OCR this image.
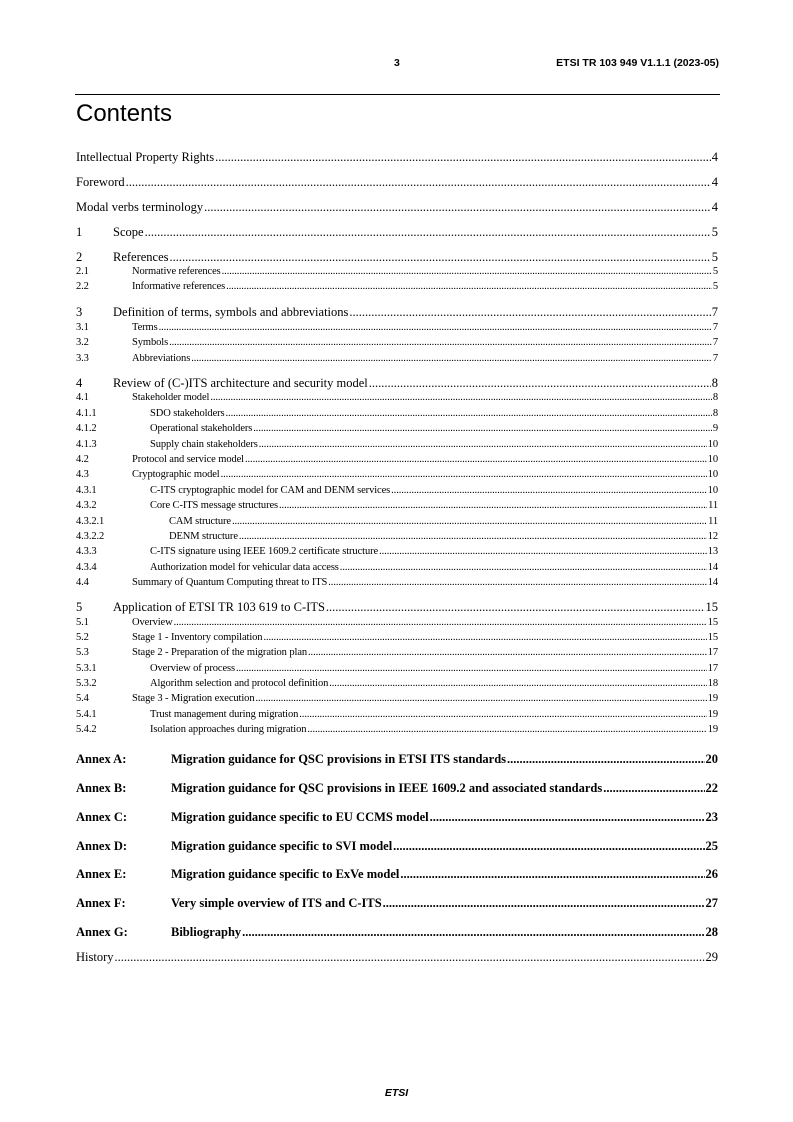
3	ETSI TR 103 949 V1.1.1 (2023-05)
Contents
Intellectual Property Rights .....	4
Foreword .....	4
Modal verbs terminology .....	4
1	Scope .....	5
2	References .....	5
2.1	Normative references .....	5
2.2	Informative references .....	5
3	Definition of terms, symbols and abbreviations .....	7
3.1	Terms .....	7
3.2	Symbols .....	7
3.3	Abbreviations .....	7
4	Review of (C-)ITS architecture and security model .....	8
4.1	Stakeholder model .....	8
4.1.1	SDO stakeholders .....	8
4.1.2	Operational stakeholders .....	9
4.1.3	Supply chain stakeholders .....	10
4.2	Protocol and service model .....	10
4.3	Cryptographic model .....	10
4.3.1	C-ITS cryptographic model for CAM and DENM services .....	10
4.3.2	Core C-ITS message structures .....	11
4.3.2.1	CAM structure .....	11
4.3.2.2	DENM structure .....	12
4.3.3	C-ITS signature using IEEE 1609.2 certificate structure .....	13
4.3.4	Authorization model for vehicular data access .....	14
4.4	Summary of Quantum Computing threat to ITS .....	14
5	Application of ETSI TR 103 619 to C-ITS .....	15
5.1	Overview .....	15
5.2	Stage 1 - Inventory compilation .....	15
5.3	Stage 2 - Preparation of the migration plan .....	17
5.3.1	Overview of process .....	17
5.3.2	Algorithm selection and protocol definition .....	18
5.4	Stage 3 - Migration execution .....	19
5.4.1	Trust management during migration .....	19
5.4.2	Isolation approaches during migration .....	19
Annex A:	Migration guidance for QSC provisions in ETSI ITS standards .....	20
Annex B:	Migration guidance for QSC provisions in IEEE 1609.2 and associated standards .....	22
Annex C:	Migration guidance specific to EU CCMS model .....	23
Annex D:	Migration guidance specific to SVI model .....	25
Annex E:	Migration guidance specific to ExVe model .....	26
Annex F:	Very simple overview of ITS and C-ITS .....	27
Annex G:	Bibliography .....	28
History .....	29
ETSI
